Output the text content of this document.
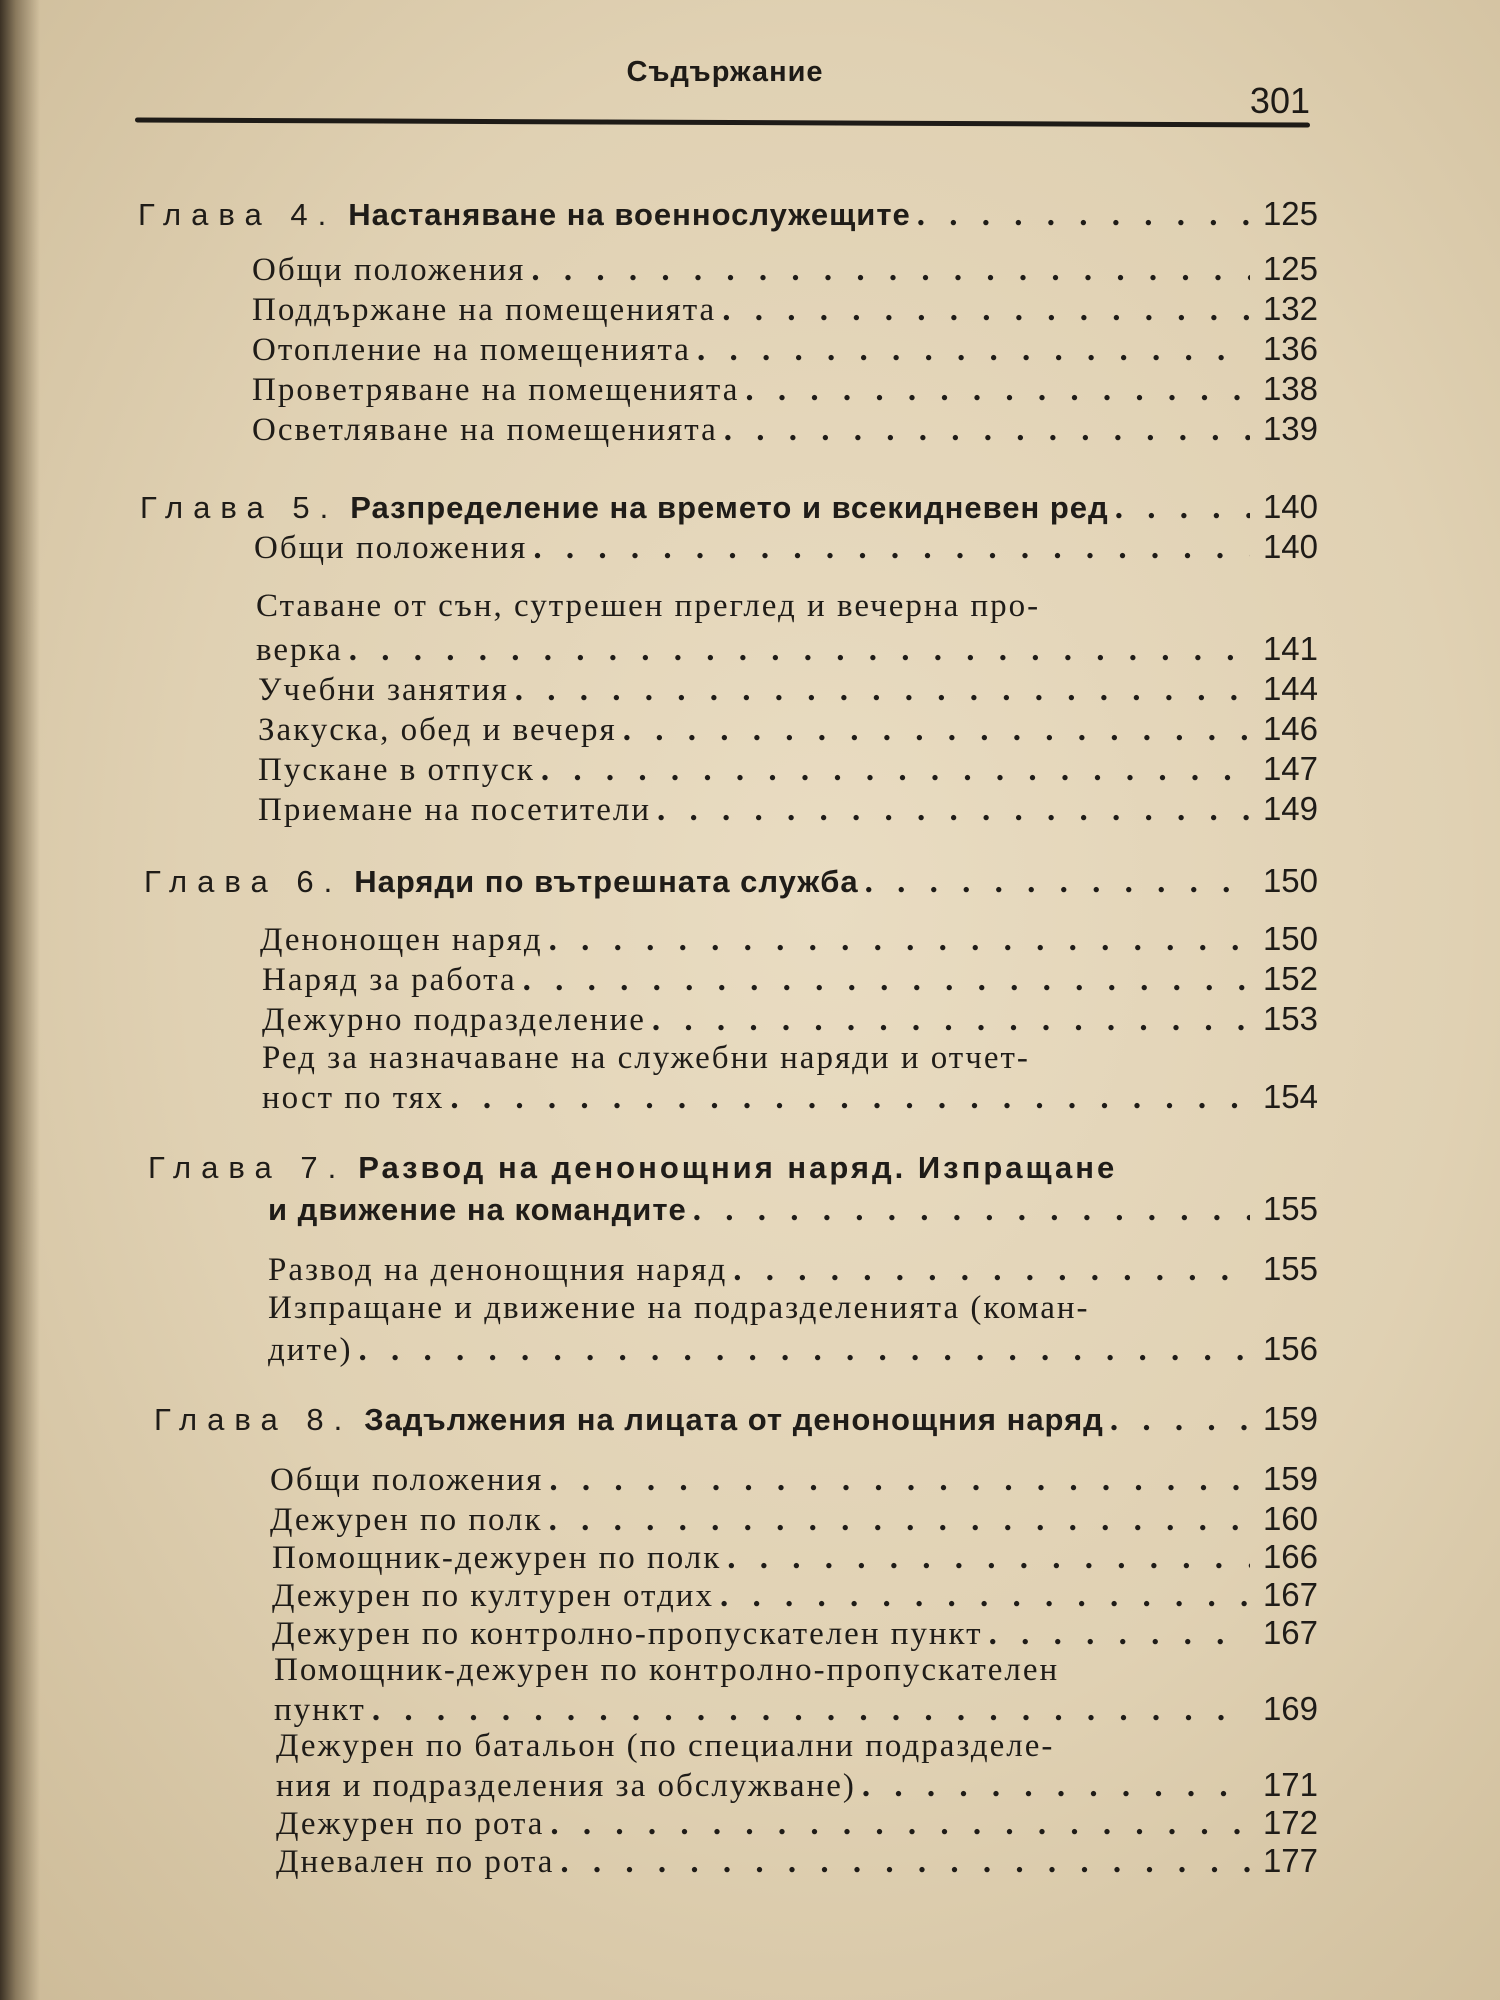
Съдържание
301
Глава 4. Настаняване на военнослужещите . . .	125
Общи положения . . .	125
Поддържане на помещенията . . .	132
Отопление на помещенията . . .	136
Проветряване на помещенията . . .	138
Осветляване на помещенията . . .	139
Глава 5. Разпределение на времето и всекидневен ред . . .	140
Общи положения . . .	140
Ставане от сън, сутрешен преглед и вечерна про-
верка . . .	141
Учебни занятия . . .	144
Закуска, обед и вечеря . . .	146
Пускане в отпуск . . .	147
Приемане на посетители . . .	149
Глава 6. Наряди по вътрешната служба . . .	150
Денонощен наряд . . .	150
Наряд за работа . . .	152
Дежурно подразделение . . .	153
Ред за назначаване на служебни наряди и отчет-
ност по тях . . .	154
Глава 7. Развод на денонощния наряд. Изпращане
и движение на командите . . .	155
Развод на денонощния наряд . . .	155
Изпращане и движение на подразделенията (коман-
дите) . . .	156
Глава 8. Задължения на лицата от денонощния наряд . . .	159
Общи положения . . .	159
Дежурен по полк . . .	160
Помощник-дежурен по полк . . .	166
Дежурен по културен отдих . . .	167
Дежурен по контролно-пропускателен пункт . . .	167
Помощник-дежурен по контролно-пропускателен
пункт . . .	169
Дежурен по батальон (по специални подразделе-
ния и подразделения за обслужване) . . .	171
Дежурен по рота . . .	172
Дневален по рота . . .	177
